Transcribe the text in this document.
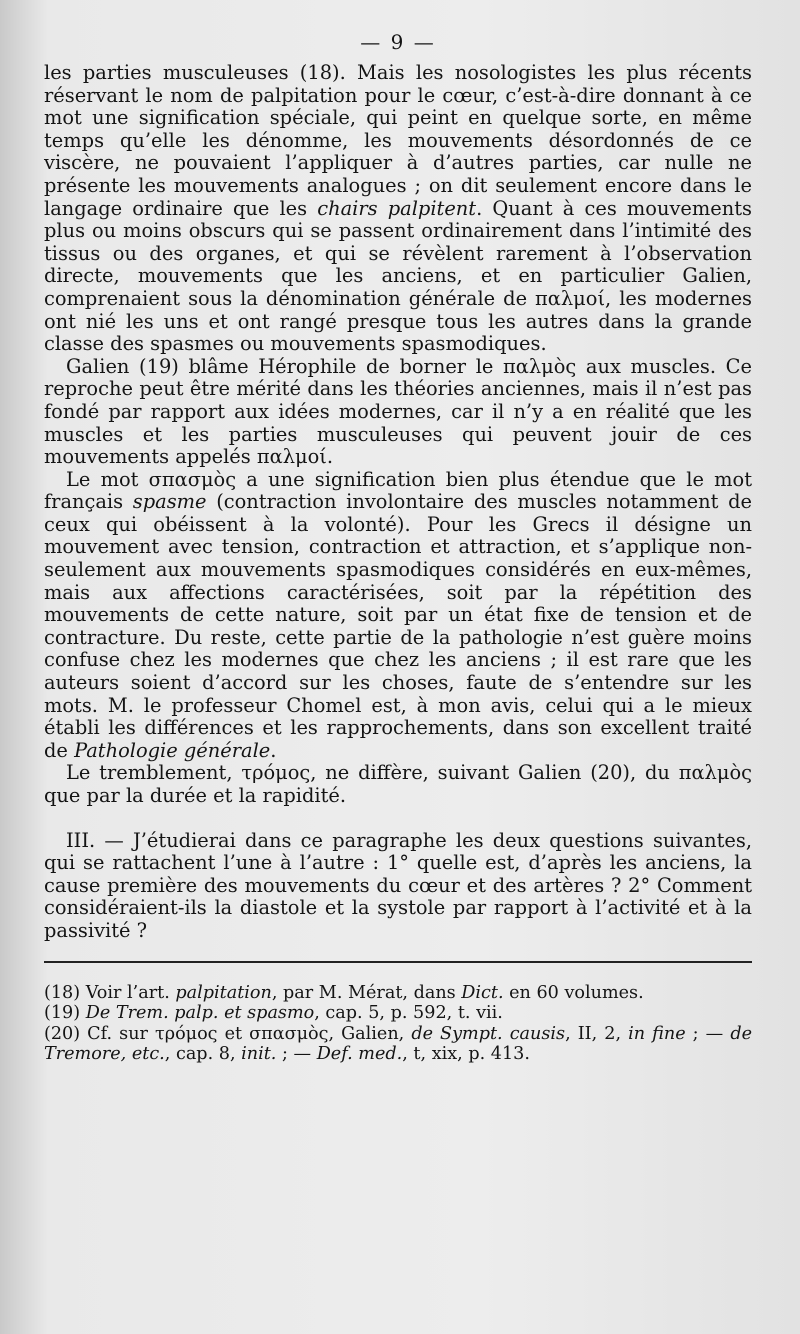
— 9 —

les parties musculeuses (18). Mais les nosologistes les plus récents réservant le nom de palpitation pour le cœur, c’est-à-dire donnant à ce mot une signification spéciale, qui peint en quelque sorte, en même temps qu’elle les dénomme, les mouvements désordonnés de ce viscère, ne pouvaient l’appliquer à d’autres parties, car nulle ne présente les mouvements analogues ; on dit seulement encore dans le langage ordinaire que les chairs palpitent. Quant à ces mouvements plus ou moins obscurs qui se passent ordinairement dans l’intimité des tissus ou des organes, et qui se révèlent rarement à l’observation directe, mouvements que les anciens, et en particulier Galien, comprenaient sous la dénomination générale de παλμοί, les modernes ont nié les uns et ont rangé presque tous les autres dans la grande classe des spasmes ou mouvements spasmodiques.

Galien (19) blâme Hérophile de borner le παλμὸς aux muscles. Ce reproche peut être mérité dans les théories anciennes, mais il n’est pas fondé par rapport aux idées modernes, car il n’y a en réalité que les muscles et les parties musculeuses qui peuvent jouir de ces mouvements appelés παλμοί.

Le mot σπασμὸς a une signification bien plus étendue que le mot français spasme (contraction involontaire des muscles notamment de ceux qui obéissent à la volonté). Pour les Grecs il désigne un mouvement avec tension, contraction et attraction, et s’applique non-seulement aux mouvements spasmodiques considérés en eux-mêmes, mais aux affections caractérisées, soit par la répétition des mouvements de cette nature, soit par un état fixe de tension et de contracture. Du reste, cette partie de la pathologie n’est guère moins confuse chez les modernes que chez les anciens ; il est rare que les auteurs soient d’accord sur les choses, faute de s’entendre sur les mots. M. le professeur Chomel est, à mon avis, celui qui a le mieux établi les différences et les rapprochements, dans son excellent traité de Pathologie générale.

Le tremblement, τρόμος, ne diffère, suivant Galien (20), du παλμὸς que par la durée et la rapidité.

III. — J’étudierai dans ce paragraphe les deux questions suivantes, qui se rattachent l’une à l’autre : 1° quelle est, d’après les anciens, la cause première des mouvements du cœur et des artères ? 2° Comment considéraient-ils la diastole et la systole par rapport à l’activité et à la passivité ?

(18) Voir l’art. palpitation, par M. Mérat, dans Dict. en 60 volumes.

(19) De Trem. palp. et spasmo, cap. 5, p. 592, t. vii.

(20) Cf. sur τρόμος et σπασμὸς, Galien, de Sympt. causis, II, 2, in fine ; — de Tremore, etc., cap. 8, init. ; — Def. med., t, xix, p. 413.
